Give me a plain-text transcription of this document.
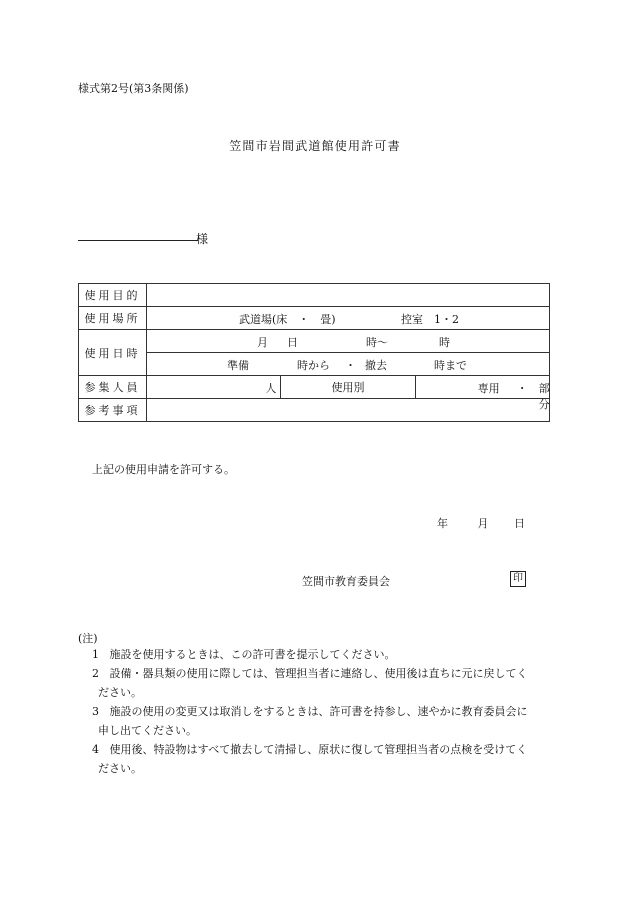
様式第2号(第3条関係)
笠間市岩間武道館使用許可書
様
使用目的			
使用場所	武道場(床　・　畳) 控室　1・2		

使用日時	月 日 時〜 時		

	準備 時から ・ 撤去 時まで		

参集人員	人	使用別	専用 ・ 部分

参考事項			
上記の使用申請を許可する。
年	月 日
笠間市教育委員会	印
(注)
1 施設を使用するときは、この許可書を提示してください。
2 設備・器具類の使用に際しては、管理担当者に連絡し、使用後は直ちに元に戻してく
ださい。
3 施設の使用の変更又は取消しをするときは、許可書を持参し、速やかに教育委員会に
申し出てください。
4 使用後、特設物はすべて撤去して清掃し、原状に復して管理担当者の点検を受けてく
ださい。
